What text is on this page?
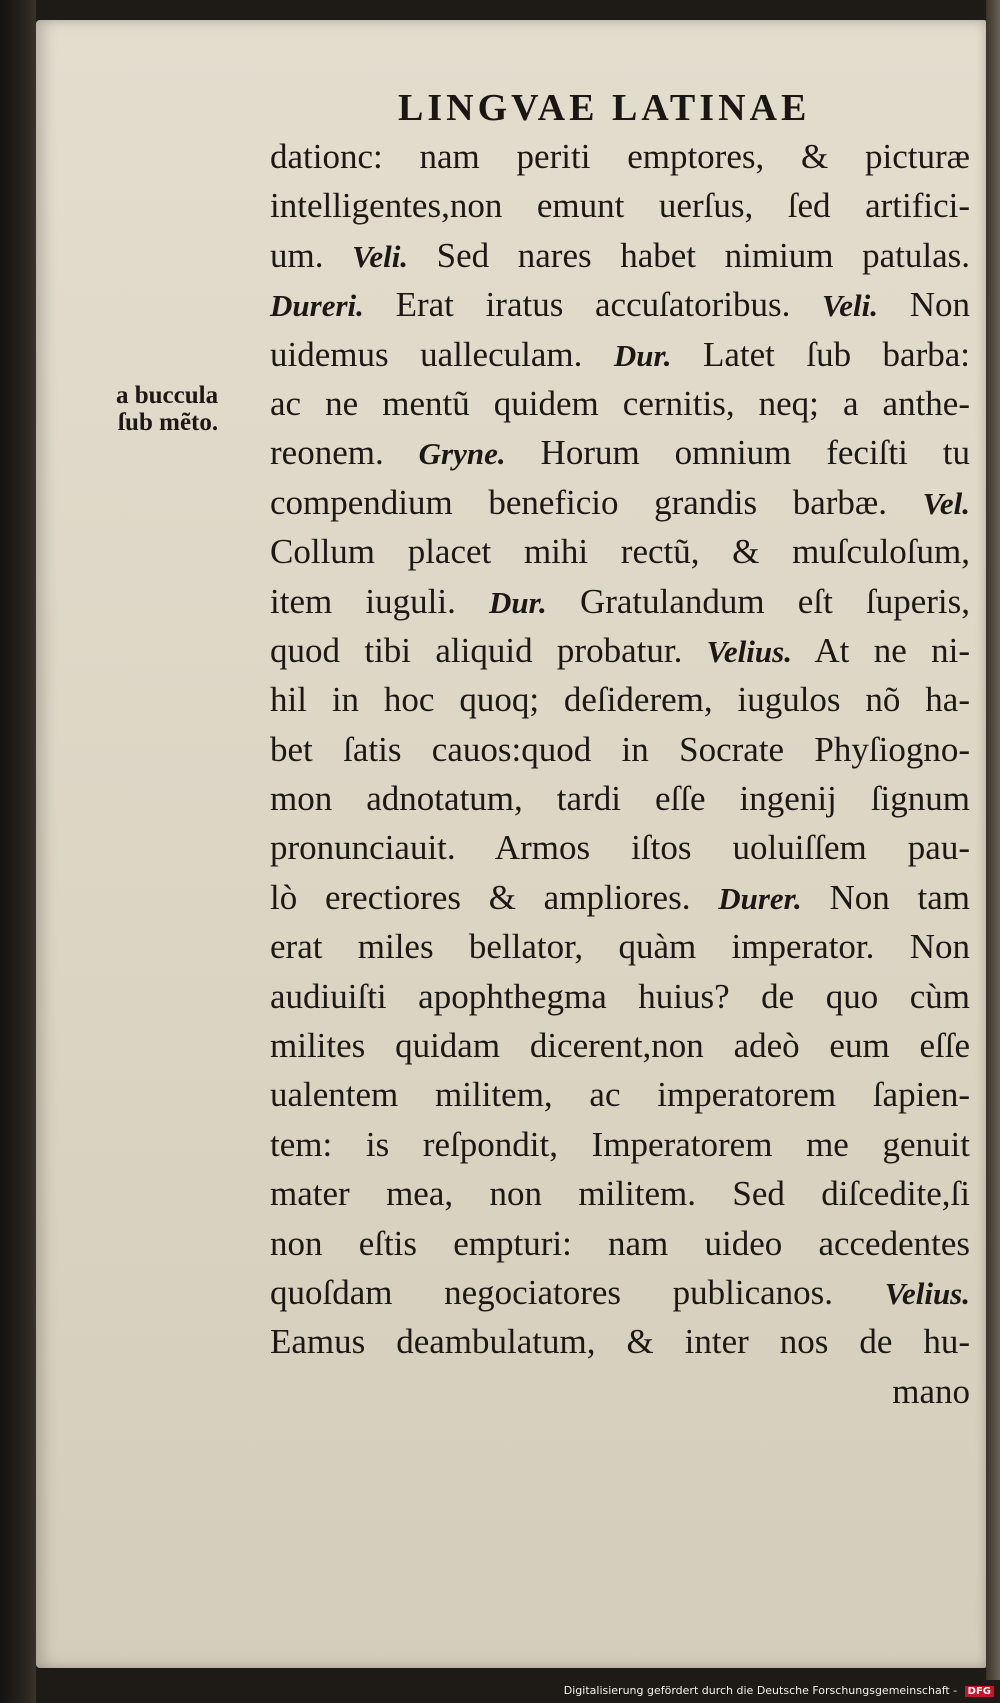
LINGVAE LATINAE
a buccula
ſub mẽto.
dationc: nam periti emptores, & picturæ
intelligentes,non emunt uerſus, ſed artifici-
um. Veli. Sed nares habet nimium patulas.
Dureri. Erat iratus accuſatoribus. Veli. Non
uidemus ualleculam. Dur. Latet ſub barba:
ac ne mentũ quidem cernitis, neq; a anthe-
reonem. Gryne. Horum omnium feciſti tu
compendium beneficio grandis barbæ. Vel.
Collum placet mihi rectũ, & muſculoſum,
item iuguli. Dur. Gratulandum eſt ſuperis,
quod tibi aliquid probatur. Velius. At ne ni-
hil in hoc quoq; deſiderem, iugulos nõ ha-
bet ſatis cauos:quod in Socrate Phyſiogno-
mon adnotatum, tardi eſſe ingenij ſignum
pronunciauit. Armos iſtos uoluiſſem pau-
lò erectiores & ampliores. Durer. Non tam
erat miles bellator, quàm imperator. Non
audiuiſti apophthegma huius? de quo cùm
milites quidam dicerent,non adeò eum eſſe
ualentem militem, ac imperatorem ſapien-
tem: is reſpondit, Imperatorem me genuit
mater mea, non militem. Sed diſcedite,ſi
non eſtis empturi: nam uideo accedentes
quoſdam negociatores publicanos. Velius.
Eamus deambulatum, & inter nos de hu-
mano
Digitalisierung gefördert durch die Deutsche Forschungsgemeinschaft - DFG
